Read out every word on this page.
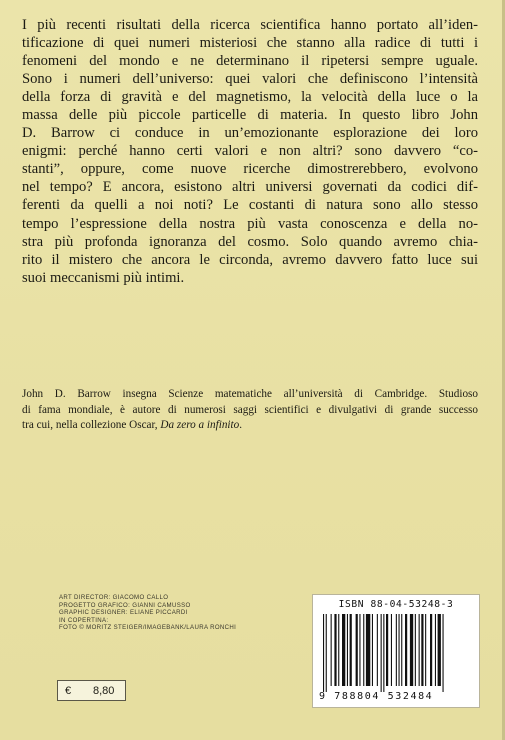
I più recenti risultati della ricerca scientifica hanno portato all’iden-
tificazione di quei numeri misteriosi che stanno alla radice di tutti i
fenomeni del mondo e ne determinano il ripetersi sempre uguale.
Sono i numeri dell’universo: quei valori che definiscono l’intensità
della forza di gravità e del magnetismo, la velocità della luce o la
massa delle più piccole particelle di materia. In questo libro John
D. Barrow ci conduce in un’emozionante esplorazione dei loro
enigmi: perché hanno certi valori e non altri? sono davvero “co-
stanti”, oppure, come nuove ricerche dimostrerebbero, evolvono
nel tempo? E ancora, esistono altri universi governati da codici dif-
ferenti da quelli a noi noti? Le costanti di natura sono allo stesso
tempo l’espressione della nostra più vasta conoscenza e della no-
stra più profonda ignoranza del cosmo. Solo quando avremo chia-
rito il mistero che ancora le circonda, avremo davvero fatto luce sui
suoi meccanismi più intimi.
John D. Barrow insegna Scienze matematiche all’università di Cambridge. Studioso
di fama mondiale, è autore di numerosi saggi scientifici e divulgativi di grande successo
tra cui, nella collezione Oscar, Da zero a infinito.
ART DIRECTOR: GIACOMO CALLO
PROGETTO GRAFICO: GIANNI CAMUSSO
GRAPHIC DESIGNER: ELIANE PICCARDI
IN COPERTINA:
FOTO © MORITZ STEIGER/IMAGEBANK/LAURA RONCHI
€	8,80
ISBN 88-04-53248-3
9 788804 532484
